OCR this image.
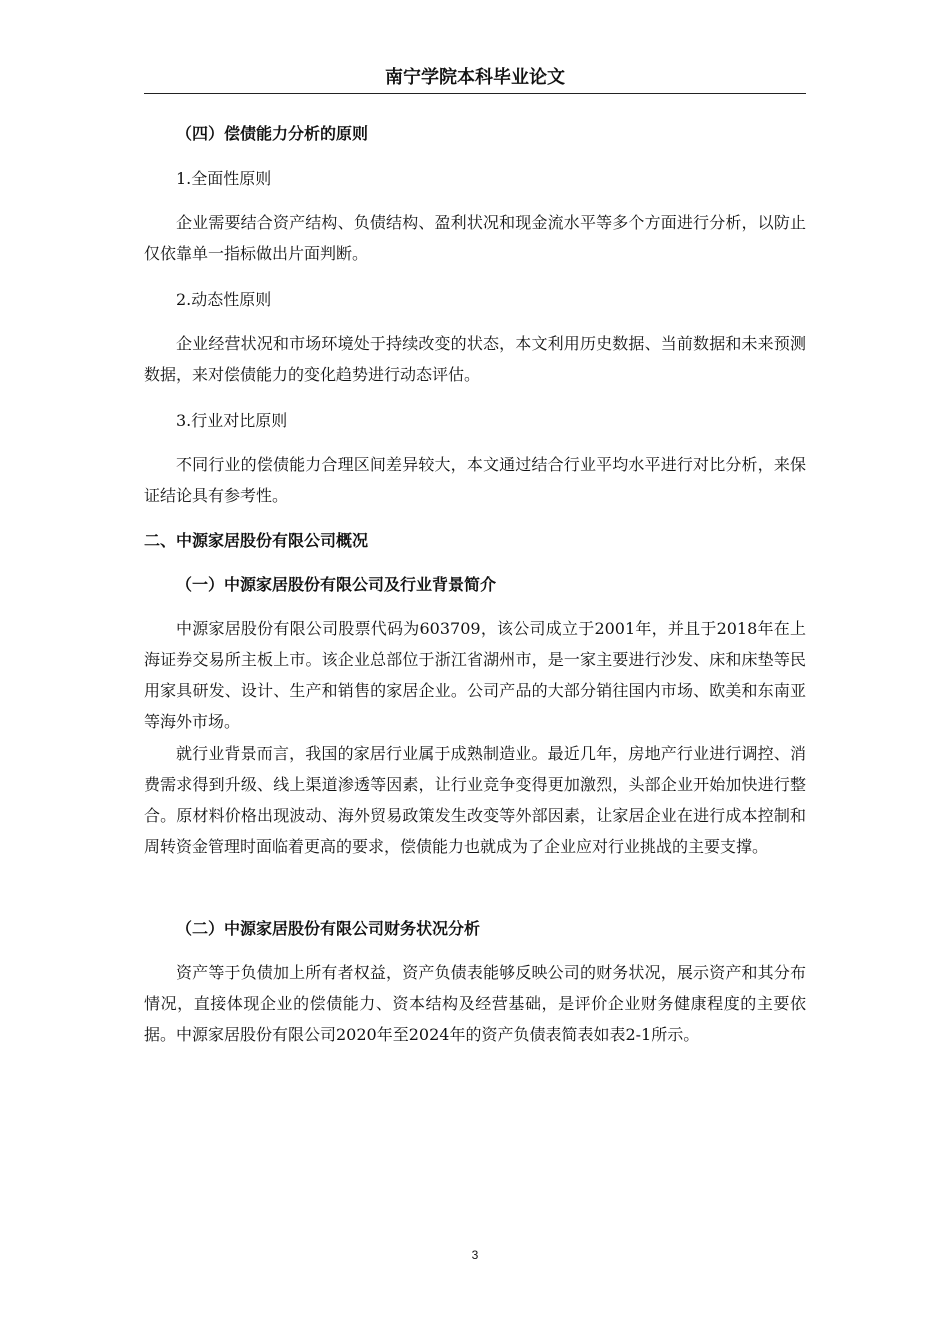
南宁学院本科毕业论文

（四）偿债能力分析的原则

1.全面性原则

企业需要结合资产结构、负债结构、盈利状况和现金流水平等多个方面进行分析，以防止仅依靠单一指标做出片面判断。

2.动态性原则

企业经营状况和市场环境处于持续改变的状态，本文利用历史数据、当前数据和未来预测数据，来对偿债能力的变化趋势进行动态评估。

3.行业对比原则

不同行业的偿债能力合理区间差异较大，本文通过结合行业平均水平进行对比分析，来保证结论具有参考性。

二、中源家居股份有限公司概况

（一）中源家居股份有限公司及行业背景简介

中源家居股份有限公司股票代码为603709，该公司成立于2001年，并且于2018年在上海证券交易所主板上市。该企业总部位于浙江省湖州市，是一家主要进行沙发、床和床垫等民用家具研发、设计、生产和销售的家居企业。公司产品的大部分销往国内市场、欧美和东南亚等海外市场。

就行业背景而言，我国的家居行业属于成熟制造业。最近几年，房地产行业进行调控、消费需求得到升级、线上渠道渗透等因素，让行业竞争变得更加激烈，头部企业开始加快进行整合。原材料价格出现波动、海外贸易政策发生改变等外部因素，让家居企业在进行成本控制和周转资金管理时面临着更高的要求，偿债能力也就成为了企业应对行业挑战的主要支撑。

（二）中源家居股份有限公司财务状况分析

资产等于负债加上所有者权益，资产负债表能够反映公司的财务状况，展示资产和其分布情况，直接体现企业的偿债能力、资本结构及经营基础，是评价企业财务健康程度的主要依据。中源家居股份有限公司2020年至2024年的资产负债表简表如表2-1所示。

3
